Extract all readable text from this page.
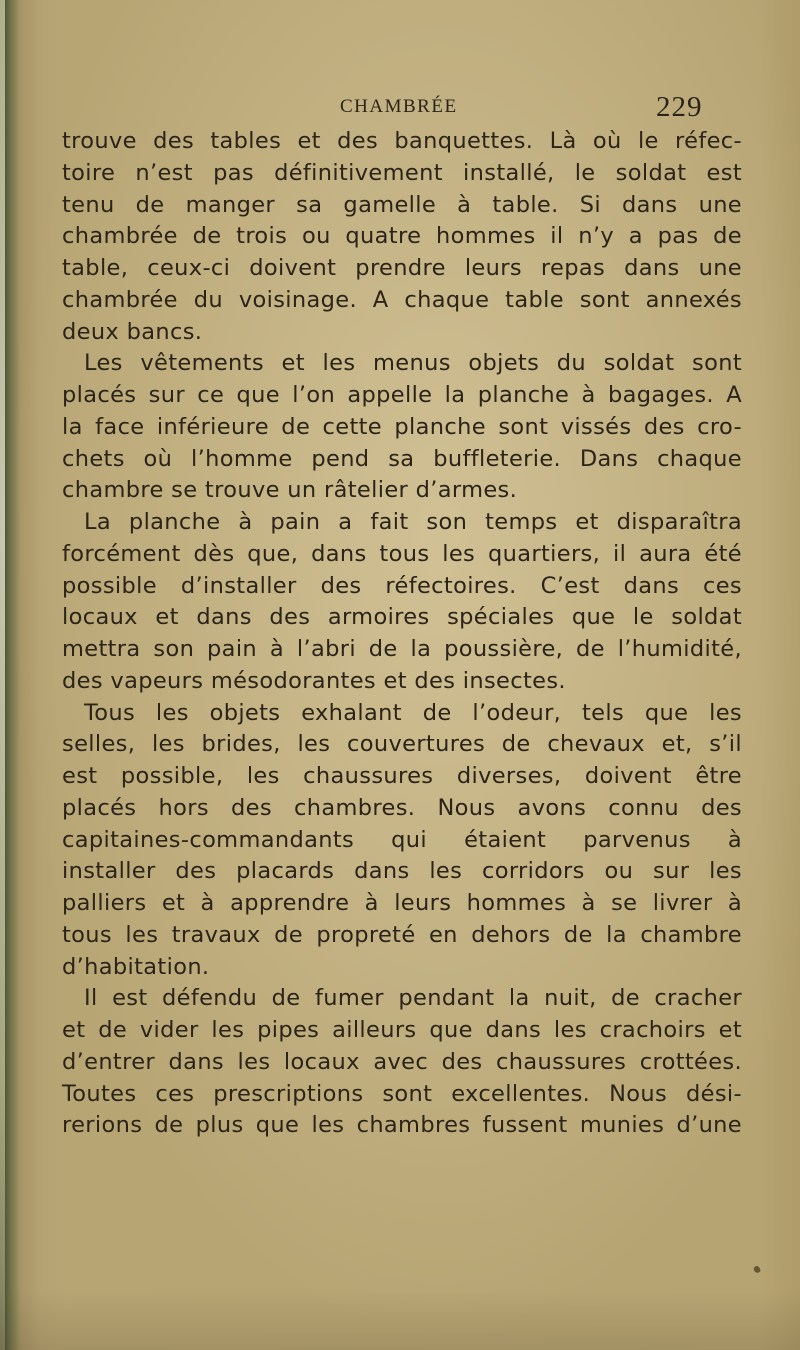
CHAMBRÉE	229
trouve des tables et des banquettes. Là où le réfec-
toire n’est pas définitivement installé, le soldat est
tenu de manger sa gamelle à table. Si dans une
chambrée de trois ou quatre hommes il n’y a pas de
table, ceux-ci doivent prendre leurs repas dans une
chambrée du voisinage. A chaque table sont annexés
deux bancs.
Les vêtements et les menus objets du soldat sont
placés sur ce que l’on appelle la planche à bagages. A
la face inférieure de cette planche sont vissés des cro-
chets où l’homme pend sa buffleterie. Dans chaque
chambre se trouve un râtelier d’armes.
La planche à pain a fait son temps et disparaîtra
forcément dès que, dans tous les quartiers, il aura été
possible d’installer des réfectoires. C’est dans ces
locaux et dans des armoires spéciales que le soldat
mettra son pain à l’abri de la poussière, de l’humidité,
des vapeurs mésodorantes et des insectes.
Tous les objets exhalant de l’odeur, tels que les
selles, les brides, les couvertures de chevaux et, s’il
est possible, les chaussures diverses, doivent être
placés hors des chambres. Nous avons connu des
capitaines-commandants qui étaient parvenus à
installer des placards dans les corridors ou sur les
palliers et à apprendre à leurs hommes à se livrer à
tous les travaux de propreté en dehors de la chambre
d’habitation.
Il est défendu de fumer pendant la nuit, de cracher
et de vider les pipes ailleurs que dans les crachoirs et
d’entrer dans les locaux avec des chaussures crottées.
Toutes ces prescriptions sont excellentes. Nous dési-
rerions de plus que les chambres fussent munies d’une
